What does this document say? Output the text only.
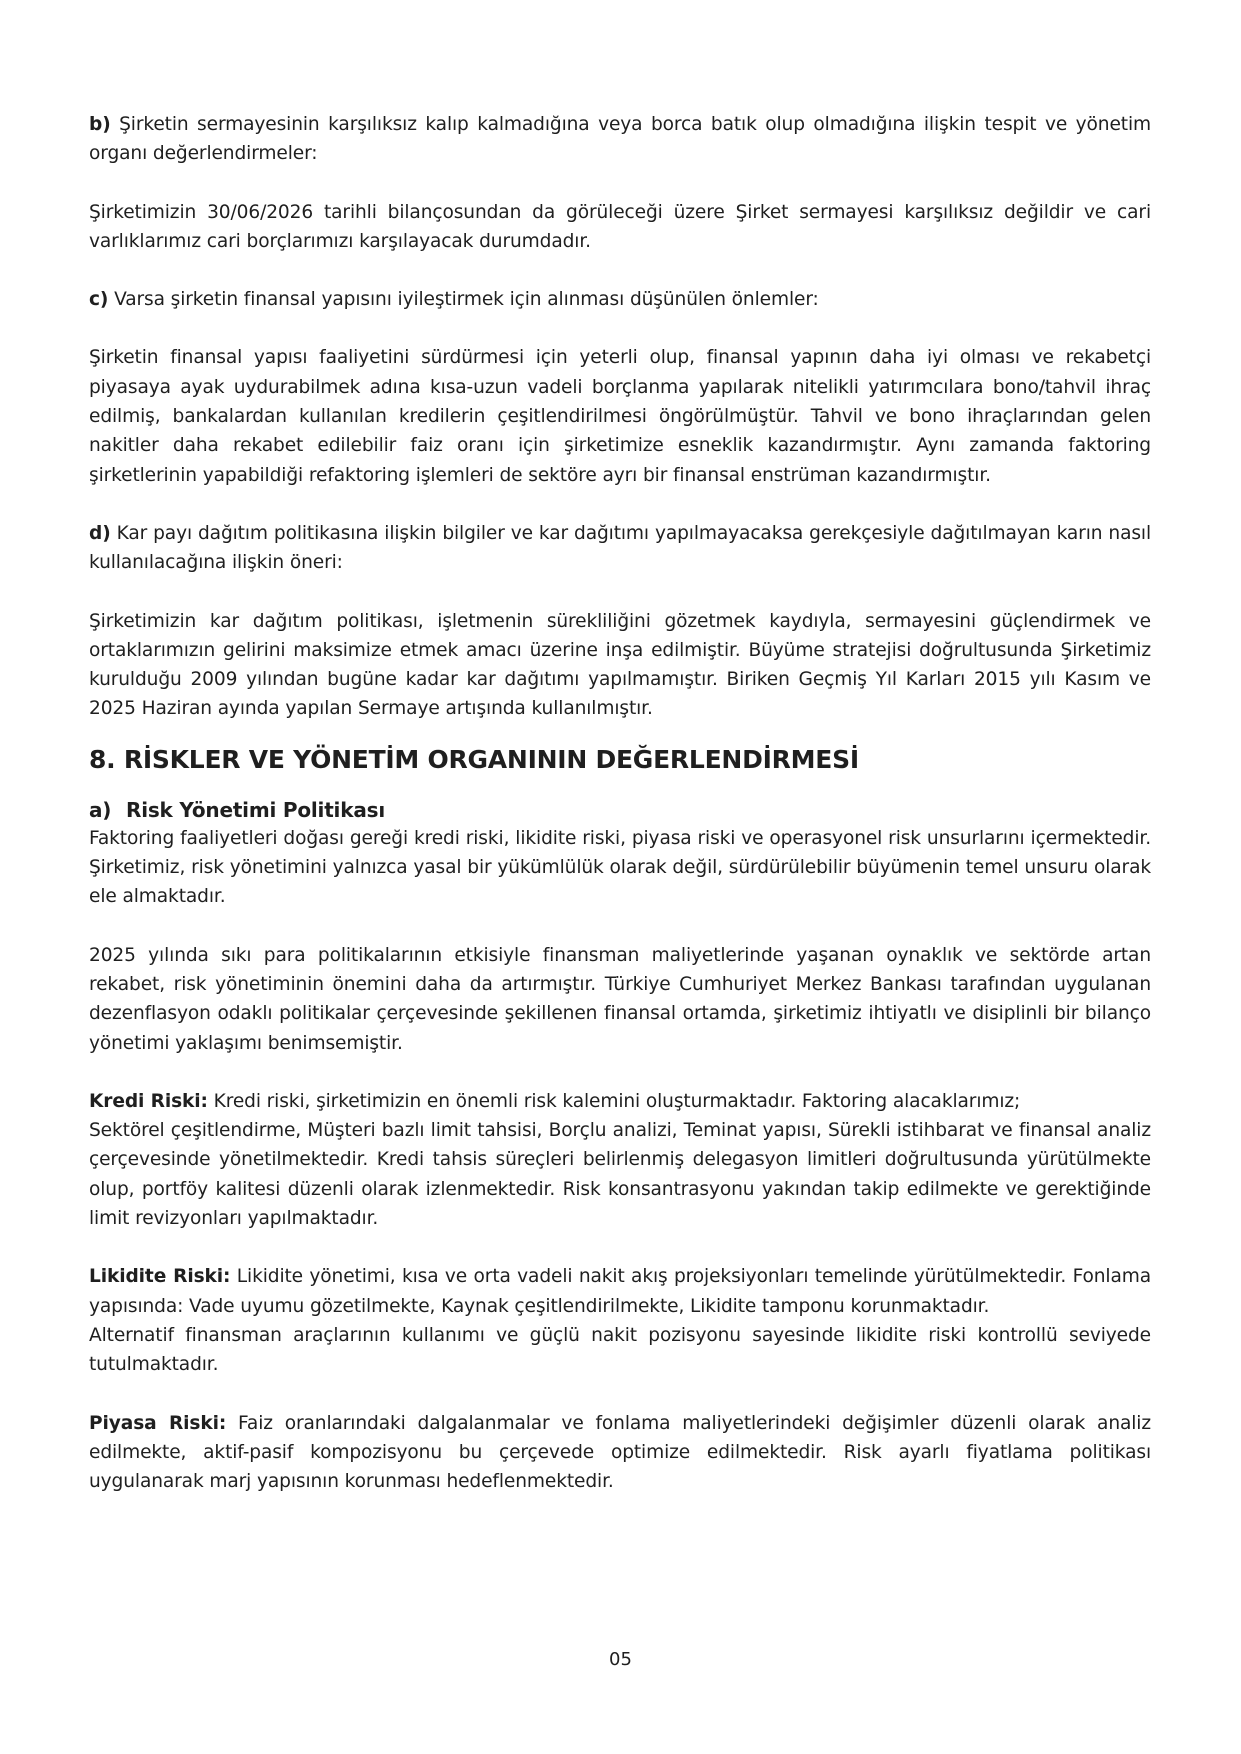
b) Şirketin sermayesinin karşılıksız kalıp kalmadığına veya borca batık olup olmadığına ilişkin tespit ve yönetim organı değerlendirmeler:

Şirketimizin 30/06/2026 tarihli bilançosundan da görüleceği üzere Şirket sermayesi karşılıksız değildir ve cari varlıklarımız cari borçlarımızı karşılayacak durumdadır.

c) Varsa şirketin finansal yapısını iyileştirmek için alınması düşünülen önlemler:

Şirketin finansal yapısı faaliyetini sürdürmesi için yeterli olup, finansal yapının daha iyi olması ve rekabetçi piyasaya ayak uydurabilmek adına kısa-uzun vadeli borçlanma yapılarak nitelikli yatırımcılara bono/tahvil ihraç edilmiş, bankalardan kullanılan kredilerin çeşitlendirilmesi öngörülmüştür. Tahvil ve bono ihraçlarından gelen nakitler daha rekabet edilebilir faiz oranı için şirketimize esneklik kazandırmıştır. Aynı zamanda faktoring şirketlerinin yapabildiği refaktoring işlemleri de sektöre ayrı bir finansal enstrüman kazandırmıştır.

d) Kar payı dağıtım politikasına ilişkin bilgiler ve kar dağıtımı yapılmayacaksa gerekçesiyle dağıtılmayan karın nasıl kullanılacağına ilişkin öneri:

Şirketimizin kar dağıtım politikası, işletmenin sürekliliğini gözetmek kaydıyla, sermayesini güçlendirmek ve ortaklarımızın gelirini maksimize etmek amacı üzerine inşa edilmiştir. Büyüme stratejisi doğrultusunda Şirketimiz kurulduğu 2009 yılından bugüne kadar kar dağıtımı yapılmamıştır. Biriken Geçmiş Yıl Karları 2015 yılı Kasım ve 2025 Haziran ayında yapılan Sermaye artışında kullanılmıştır.

8. RİSKLER VE YÖNETİM ORGANININ DEĞERLENDİRMESİ
a) Risk Yönetimi Politikası

Faktoring faaliyetleri doğası gereği kredi riski, likidite riski, piyasa riski ve operasyonel risk unsurlarını içermektedir. Şirketimiz, risk yönetimini yalnızca yasal bir yükümlülük olarak değil, sürdürülebilir büyümenin temel unsuru olarak ele almaktadır.

2025 yılında sıkı para politikalarının etkisiyle finansman maliyetlerinde yaşanan oynaklık ve sektörde artan rekabet, risk yönetiminin önemini daha da artırmıştır. Türkiye Cumhuriyet Merkez Bankası tarafından uygulanan dezenflasyon odaklı politikalar çerçevesinde şekillenen finansal ortamda, şirketimiz ihtiyatlı ve disiplinli bir bilanço yönetimi yaklaşımı benimsemiştir.

Kredi Riski: Kredi riski, şirketimizin en önemli risk kalemini oluşturmaktadır. Faktoring alacaklarımız;

Sektörel çeşitlendirme, Müşteri bazlı limit tahsisi, Borçlu analizi, Teminat yapısı, Sürekli istihbarat ve finansal analiz çerçevesinde yönetilmektedir. Kredi tahsis süreçleri belirlenmiş delegasyon limitleri doğrultusunda yürütülmekte olup, portföy kalitesi düzenli olarak izlenmektedir. Risk konsantrasyonu yakından takip edilmekte ve gerektiğinde limit revizyonları yapılmaktadır.

Likidite Riski: Likidite yönetimi, kısa ve orta vadeli nakit akış projeksiyonları temelinde yürütülmektedir. Fonlama yapısında: Vade uyumu gözetilmekte, Kaynak çeşitlendirilmekte, Likidite tamponu korunmaktadır.

Alternatif finansman araçlarının kullanımı ve güçlü nakit pozisyonu sayesinde likidite riski kontrollü seviyede tutulmaktadır.

Piyasa Riski: Faiz oranlarındaki dalgalanmalar ve fonlama maliyetlerindeki değişimler düzenli olarak analiz edilmekte, aktif-pasif kompozisyonu bu çerçevede optimize edilmektedir. Risk ayarlı fiyatlama politikası uygulanarak marj yapısının korunması hedeflenmektedir.

05
